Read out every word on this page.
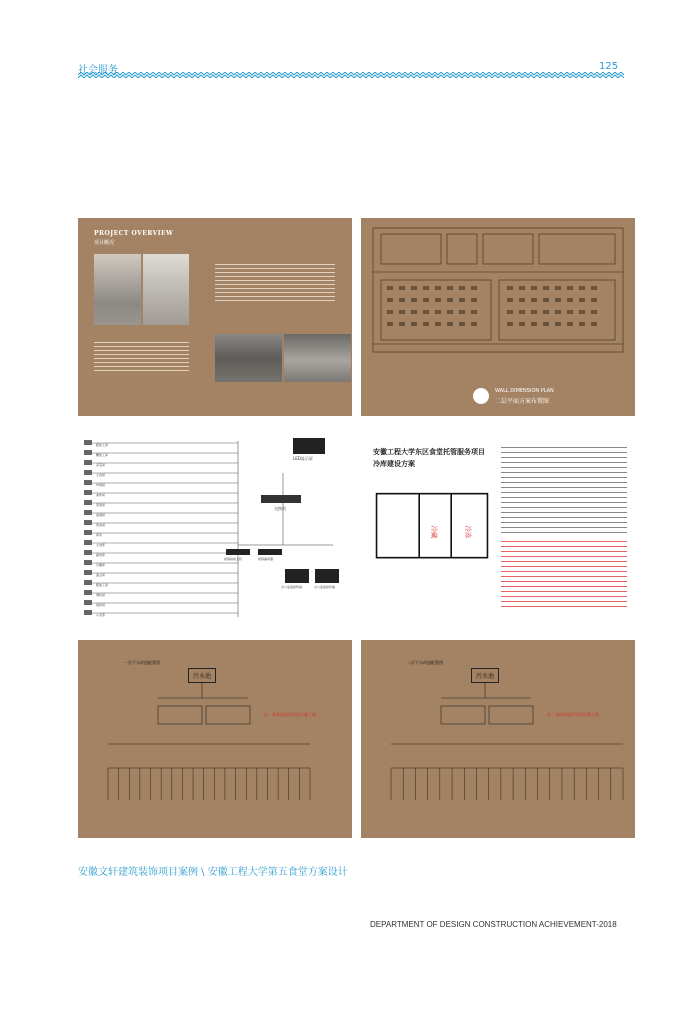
社会服务	125
PROJECT OVERVIEW
项目概况
WALL DIMENSION PLAN
二层平面方案布置图
LED显示屏
交换机
视频接收主机	视频编码器
办公室监控终端	办公室监控终端
粗加工间
精加工间
凉菜间
主食间
炒锅间
油炸间
蒸煮间
备餐间
洗消间
库房
主食库
副食库
冷藏库
面点间
粗加工间
调料间
留样间
小卖部
安徽工程大学东区食堂托管服务项目
冷库建设方案
冷藏	冷冻
一层下水改造配置图
污水池
注：具体改造详见设计施工图
二层下水改造配置图
污水池
注：具体改造详见设计施工图
安徽文轩建筑装饰项目案例 \ 安徽工程大学第五食堂方案设计
DEPARTMENT OF DESIGN CONSTRUCTION ACHIEVEMENT-2018
